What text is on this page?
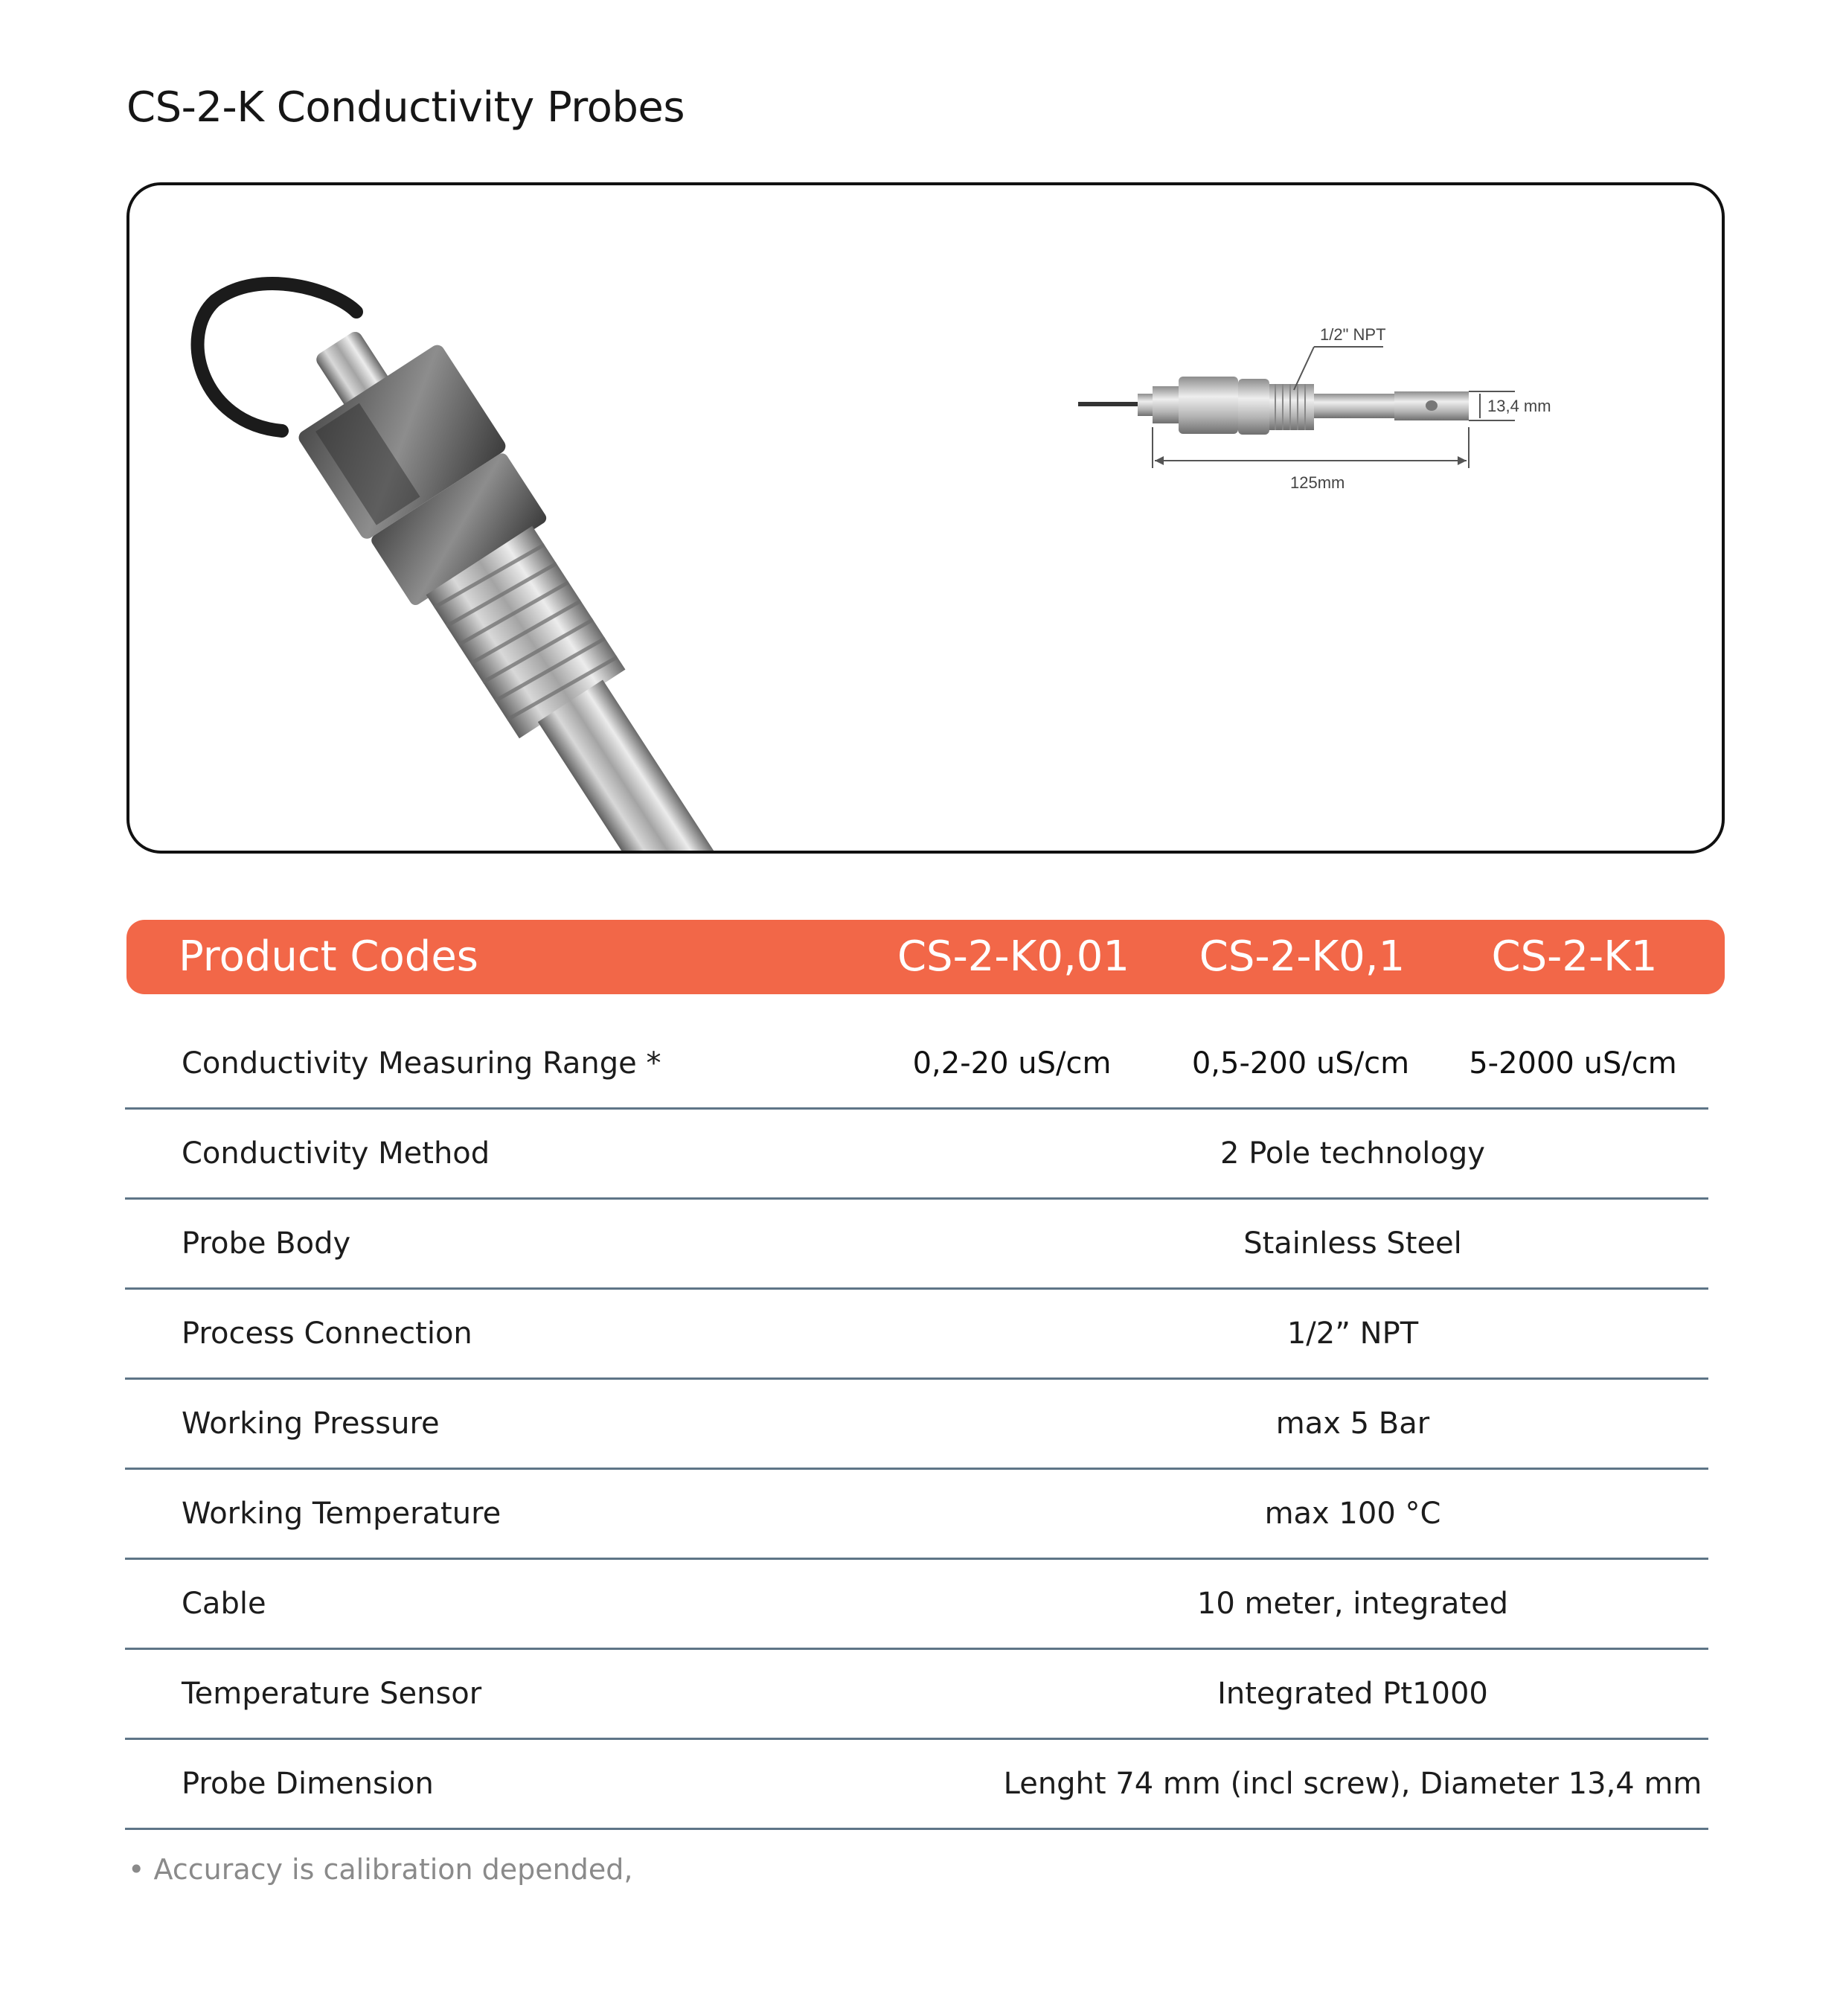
CS-2-K Conductivity Probes
1/2" NPT
13,4 mm
125mm
Product Codes	CS-2-K0,01	CS-2-K0,1	CS-2-K1
Conductivity Measuring Range *	0,2-20 uS/cm	0,5-200 uS/cm	5-2000 uS/cm
Conductivity Method	2 Pole technology
Probe Body	Stainless Steel
Process Connection	1/2” NPT
Working Pressure	max 5 Bar
Working Temperature	max 100 °C
Cable	10 meter, integrated
Temperature Sensor	Integrated Pt1000
Probe Dimension	Lenght 74 mm (incl screw), Diameter 13,4 mm

• Accuracy is calibration depended,
